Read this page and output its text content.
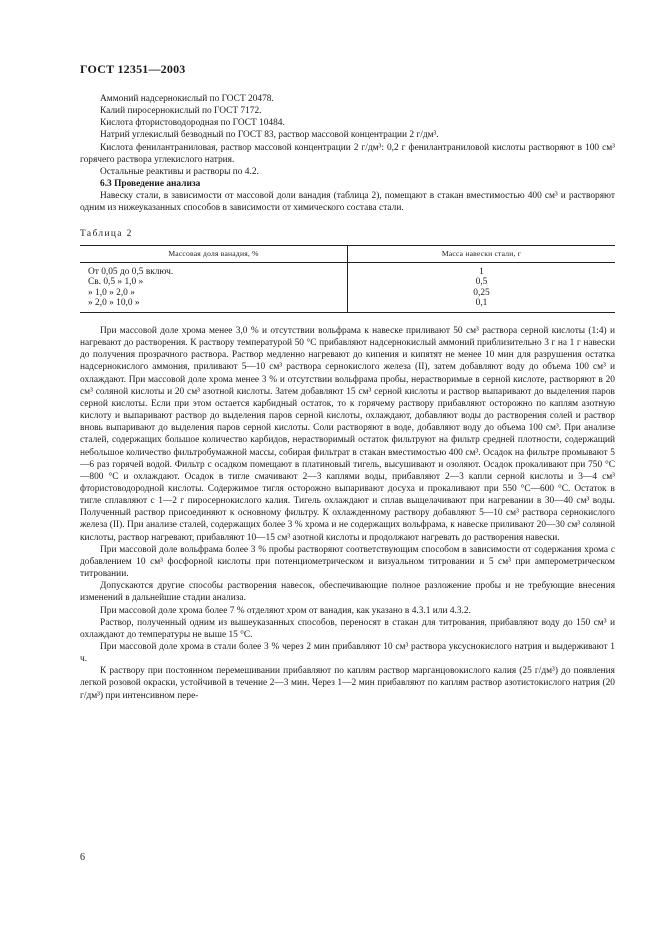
ГОСТ 12351—2003

Аммоний надсернокислый по ГОСТ 20478.

Калий пиросернокислый по ГОСТ 7172.

Кислота фтористоводородная по ГОСТ 10484.

Натрий углекислый безводный по ГОСТ 83, раствор массовой концентрации 2 г/дм³.

Кислота фенилантраниловая, раствор массовой концентрации 2 г/дм³: 0,2 г фенилантраниловой кислоты растворяют в 100 см³ горячего раствора углекислого натрия.

Остальные реактивы и растворы по 4.2.

6.3 Проведение анализа

Навеску стали, в зависимости от массовой доли ванадия (таблица 2), помещают в стакан вместимостью 400 см³ и растворяют одним из нижеуказанных способов в зависимости от химического состава стали.

Таблица 2
Массовая доля ванадия, %	Масса навески стали, г
От 0,05 до 0,5 включ.	1
Св. 0,5 » 1,0 »	0,5
» 1,0 » 2,0 »	0,25
» 2,0 » 10,0 »	0,1

При массовой доле хрома менее 3,0 % и отсутствии вольфрама к навеске приливают 50 см³ раствора серной кислоты (1:4) и нагревают до растворения. К раствору температурой 50 °С прибавляют надсернокислый аммоний приблизительно 3 г на 1 г навески до получения прозрачного раствора. Раствор медленно нагревают до кипения и кипятят не менее 10 мин для разрушения остатка надсернокислого аммония, приливают 5—10 см³ раствора сернокислого железа (II), затем добавляют воду до объема 100 см³ и охлаждают. При массовой доле хрома менее 3 % и отсутствии вольфрама пробы, нерастворимые в серной кислоте, растворяют в 20 см³ соляной кислоты и 20 см³ азотной кислоты. Затем добавляют 15 см³ серной кислоты и раствор выпаривают до выделения паров серной кислоты. Если при этом остается карбидный остаток, то к горячему раствору прибавляют осторожно по каплям азотную кислоту и выпаривают раствор до выделения паров серной кислоты, охлаждают, добавляют воды до растворения солей и раствор вновь выпаривают до выделения паров серной кислоты. Соли растворяют в воде, добавляют воду до объема 100 см³. При анализе сталей, содержащих большое количество карбидов, нерастворимый остаток фильтруют на фильтр средней плотности, содержащий небольшое количество фильтробумажной массы, собирая фильтрат в стакан вместимостью 400 см³. Осадок на фильтре промывают 5—6 раз горячей водой. Фильтр с осадком помещают в платиновый тигель, высушивают и озоляют. Осадок прокаливают при 750 °С—800 °С и охлаждают. Осадок в тигле смачивают 2—3 каплями воды, прибавляют 2—3 капли серной кислоты и 3—4 см³ фтористоводородной кислоты. Содержимое тигля осторожно выпаривают досуха и прокаливают при 550 °С—600 °С. Остаток в тигле сплавляют с 1—2 г пиросернокислого калия. Тигель охлаждают и сплав выщелачивают при нагревании в 30—40 см³ воды. Полученный раствор присоединяют к основному фильтру. К охлажденному раствору добавляют 5—10 см³ раствора сернокислого железа (II). При анализе сталей, содержащих более 3 % хрома и не содержащих вольфрама, к навеске приливают 20—30 см³ соляной кислоты, раствор нагревают, прибавляют 10—15 см³ азотной кислоты и продолжают нагревать до растворения навески.

При массовой доле вольфрама более 3 % пробы растворяют соответствующим способом в зависимости от содержания хрома с добавлением 10 см³ фосфорной кислоты при потенциометрическом и визуальном титровании и 5 см³ при амперометрическом титровании.

Допускаются другие способы растворения навесок, обеспечивающие полное разложение пробы и не требующие внесения изменений в дальнейшие стадии анализа.

При массовой доле хрома более 7 % отделяют хром от ванадия, как указано в 4.3.1 или 4.3.2.

Раствор, полученный одним из вышеуказанных способов, переносят в стакан для титрования, прибавляют воду до 150 см³ и охлаждают до температуры не выше 15 °С.

При массовой доле хрома в стали более 3 % через 2 мин прибавляют 10 см³ раствора уксуснокислого натрия и выдерживают 1 ч.

К раствору при постоянном перемешивании прибавляют по каплям раствор марганцовокислого калия (25 г/дм³) до появления легкой розовой окраски, устойчивой в течение 2—3 мин. Через 1—2 мин прибавляют по каплям раствор азотистокислого натрия (20 г/дм³) при интенсивном пере-

6
